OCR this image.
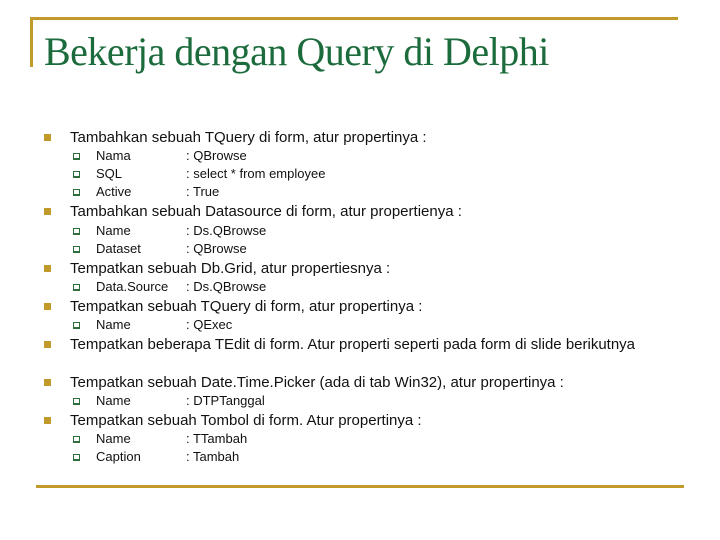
Bekerja dengan Query di Delphi
Tambahkan sebuah TQuery di form, atur propertinya :
Nama	: QBrowse
SQL	: select * from employee
Active	: True
Tambahkan sebuah Datasource di form, atur propertienya :
Name	: Ds.QBrowse
Dataset	: QBrowse
Tempatkan sebuah Db.Grid, atur propertiesnya :
Data.Source : Ds.QBrowse
Tempatkan sebuah TQuery di form, atur propertinya :
Name	: QExec
Tempatkan beberapa TEdit di form. Atur properti seperti pada form di slide berikutnya
Tempatkan sebuah Date.Time.Picker (ada di tab Win32), atur propertinya :
Name	: DTPTanggal
Tempatkan sebuah Tombol di form. Atur propertinya :
Name	: TTambah
Caption	: Tambah
